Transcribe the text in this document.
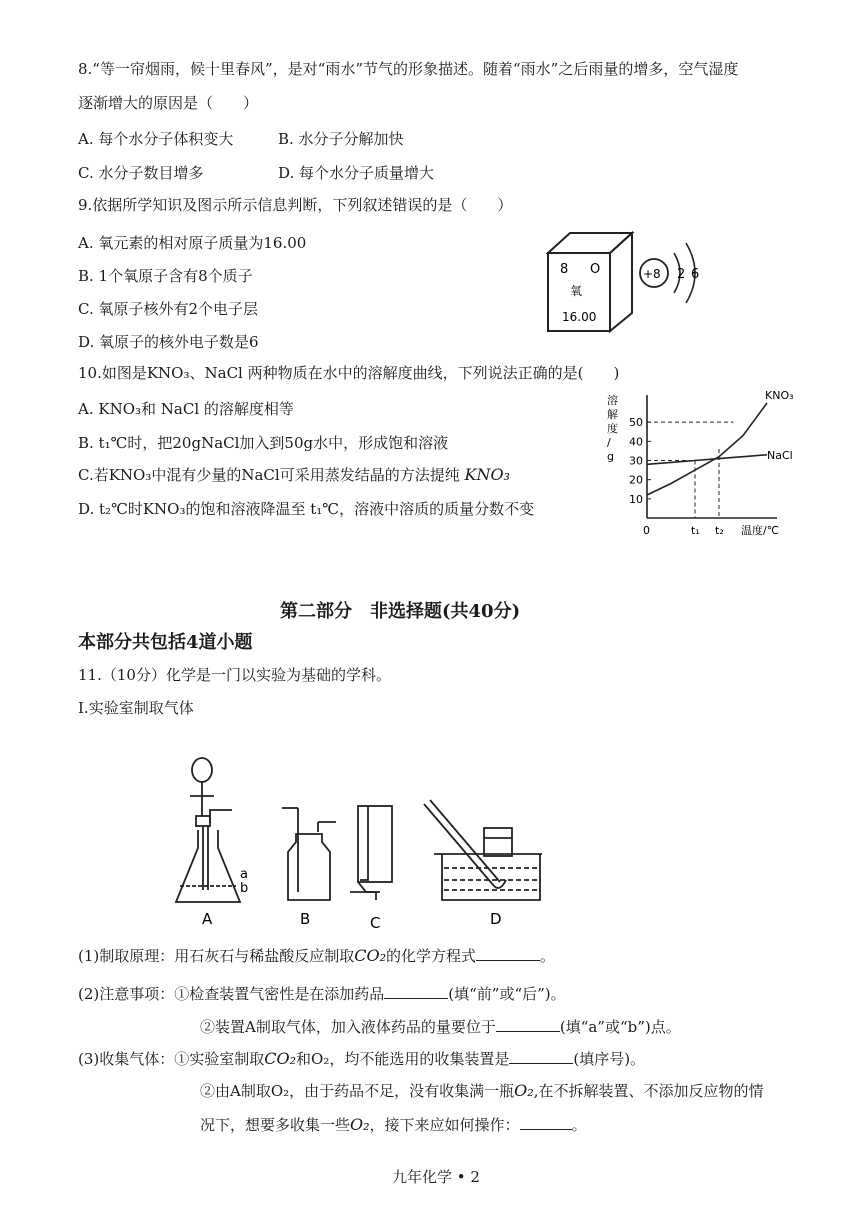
8.“等一帘烟雨，候十里春风”，是对“雨水”节气的形象描述。随着“雨水”之后雨量的增多，空气湿度
逐渐增大的原因是（　　）
A. 每个水分子体积变大	B. 水分子分解加快
C. 水分子数目增多	D. 每个水分子质量增大
9.依据所学知识及图示所示信息判断，下列叙述错误的是（　　）
A. 氧元素的相对原子质量为16.00
B. 1个氧原子含有8个质子
C. 氧原子核外有2个电子层
D. 氧原子的核外电子数是6
8 O
氧
16.00
+8 2 6
10.如图是KNO₃、NaCl 两种物质在水中的溶解度曲线，下列说法正确的是(　　)
A. KNO₃和 NaCl 的溶解度相等
B. t₁℃时，把20gNaCl加入到50g水中，形成饱和溶液
C.若KNO₃中混有少量的NaCl可采用蒸发结晶的方法提纯 KNO₃
D. t₂℃时KNO₃的饱和溶液降温至 t₁℃，溶液中溶质的质量分数不变
溶
解
度
/
g
10
20
30
40
50
0	t₁ t₂ 温度/℃
KNO₃
NaCl
第二部分　非选择题(共40分)
本部分共包括4道小题
11.（10分）化学是一门以实验为基础的学科。
Ⅰ.实验室制取气体
a
b
A	B	C	D
(1)制取原理：用石灰石与稀盐酸反应制取CO₂的化学方程式	。
(2)注意事项：①检查装置气密性是在添加药品	(填“前”或“后”)。
②装置A制取气体，加入液体药品的量要位于	(填“a”或“b”)点。
(3)收集气体：①实验室制取CO₂和O₂，均不能选用的收集装置是	(填序号)。
②由A制取O₂，由于药品不足，没有收集满一瓶O₂,在不拆解装置、不添加反应物的情
况下，想要多收集一些O₂，接下来应如何操作：	。
九年化学 • 2
